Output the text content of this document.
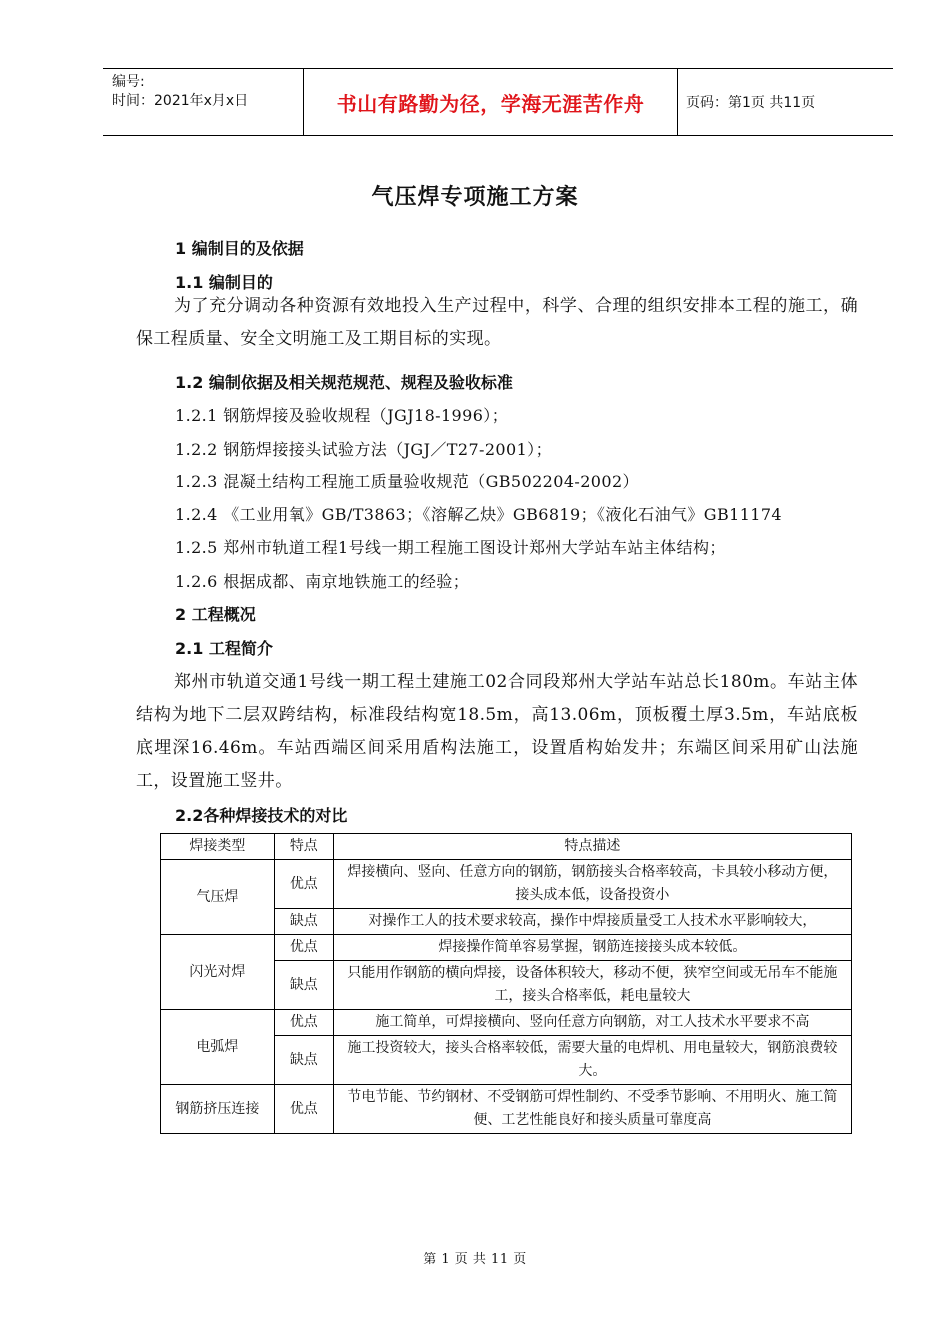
编号:
时间：2021年x月x日	书山有路勤为径，学海无涯苦作舟	页码：第1页 共11页
气压焊专项施工方案
1 编制目的及依据
1.1 编制目的
为了充分调动各种资源有效地投入生产过程中，科学、合理的组织安排本工程的施工，确保工程质量、安全文明施工及工期目标的实现。
1.2 编制依据及相关规范规范、规程及验收标准
1.2.1 钢筋焊接及验收规程（JGJ18-1996）；
1.2.2 钢筋焊接接头试验方法（JGJ／T27-2001）；
1.2.3 混凝土结构工程施工质量验收规范（GB502204-2002）
1.2.4 《工业用氧》GB/T3863；《溶解乙炔》GB6819；《液化石油气》GB11174
1.2.5 郑州市轨道工程1号线一期工程施工图设计郑州大学站车站主体结构；
1.2.6 根据成都、南京地铁施工的经验；
2 工程概况
2.1 工程简介
郑州市轨道交通1号线一期工程土建施工02合同段郑州大学站车站总长180m。车站主体结构为地下二层双跨结构，标准段结构宽18.5m，高13.06m，顶板覆土厚3.5m，车站底板底埋深16.46m。车站西端区间采用盾构法施工，设置盾构始发井；东端区间采用矿山法施工，设置施工竖井。
2.2各种焊接技术的对比
焊接类型	特点	特点描述
气压焊	优点	焊接横向、竖向、任意方向的钢筋，钢筋接头合格率较高，卡具较小移动方便，接头成本低，设备投资小
	缺点	对操作工人的技术要求较高，操作中焊接质量受工人技术水平影响较大，
闪光对焊	优点	焊接操作简单容易掌握，钢筋连接接头成本较低。
	缺点	只能用作钢筋的横向焊接，设备体积较大，移动不便，狭窄空间或无吊车不能施工，接头合格率低，耗电量较大
电弧焊	优点	施工简单，可焊接横向、竖向任意方向钢筋，对工人技术水平要求不高
	缺点	施工投资较大，接头合格率较低，需要大量的电焊机、用电量较大，钢筋浪费较大。
钢筋挤压连接	优点	节电节能、节约钢材、不受钢筋可焊性制约、不受季节影响、不用明火、施工简便、工艺性能良好和接头质量可靠度高
第 1 页 共 11 页
